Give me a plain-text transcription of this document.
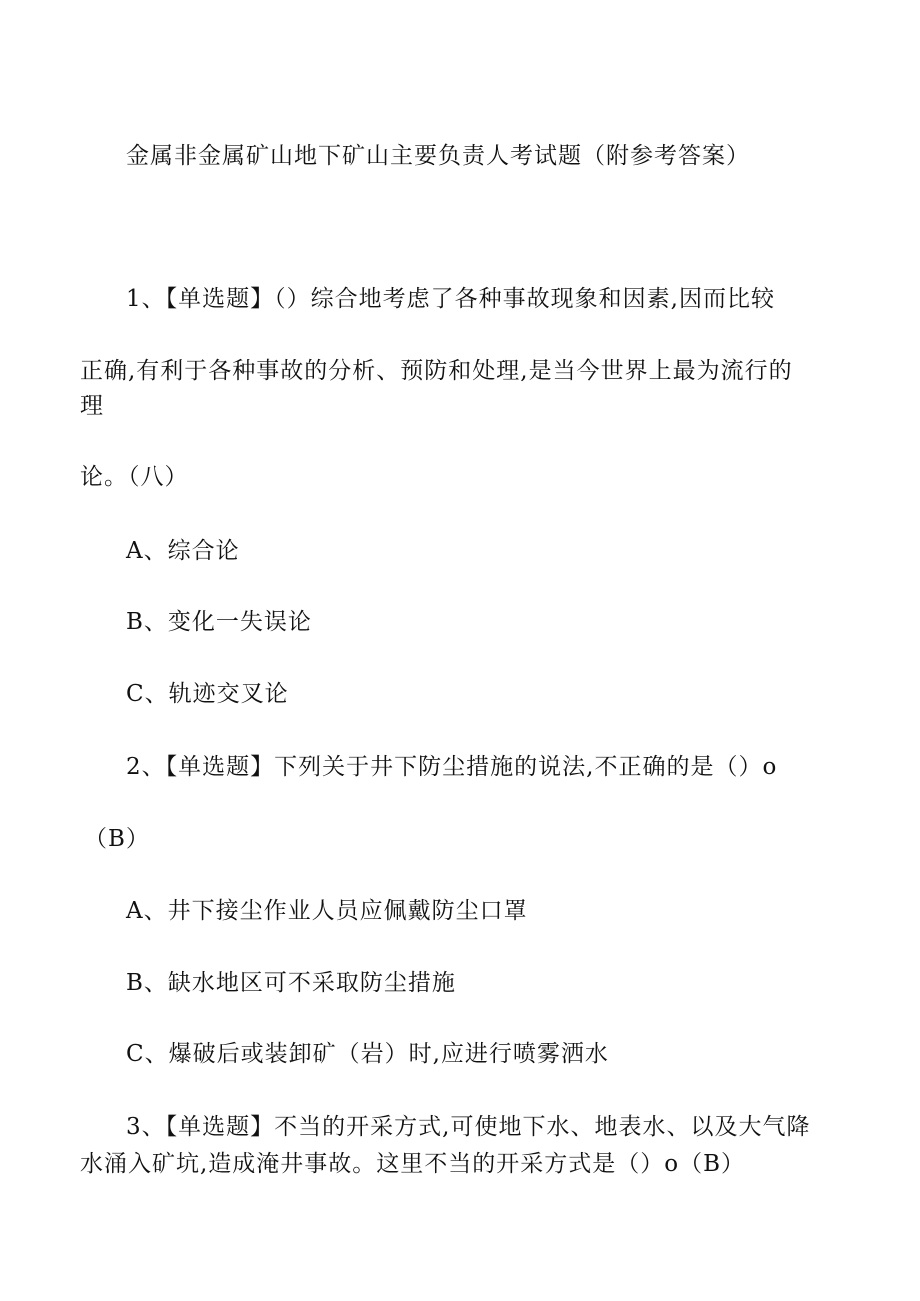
金属非金属矿山地下矿山主要负责人考试题（附参考答案）
1、【单选题】（）综合地考虑了各种事故现象和因素,因而比较
正确,有利于各种事故的分析、预防和处理,是当今世界上最为流行的
理
论。（八）
A、综合论
B、变化一失误论
C、轨迹交叉论
2、【单选题】下列关于井下防尘措施的说法,不正确的是（）o
（B）
A、井下接尘作业人员应佩戴防尘口罩
B、缺水地区可不采取防尘措施
C、爆破后或装卸矿（岩）时,应进行喷雾洒水
3、【单选题】不当的开采方式,可使地下水、地表水、以及大气降
水涌入矿坑,造成淹井事故。这里不当的开采方式是（）o（B）
